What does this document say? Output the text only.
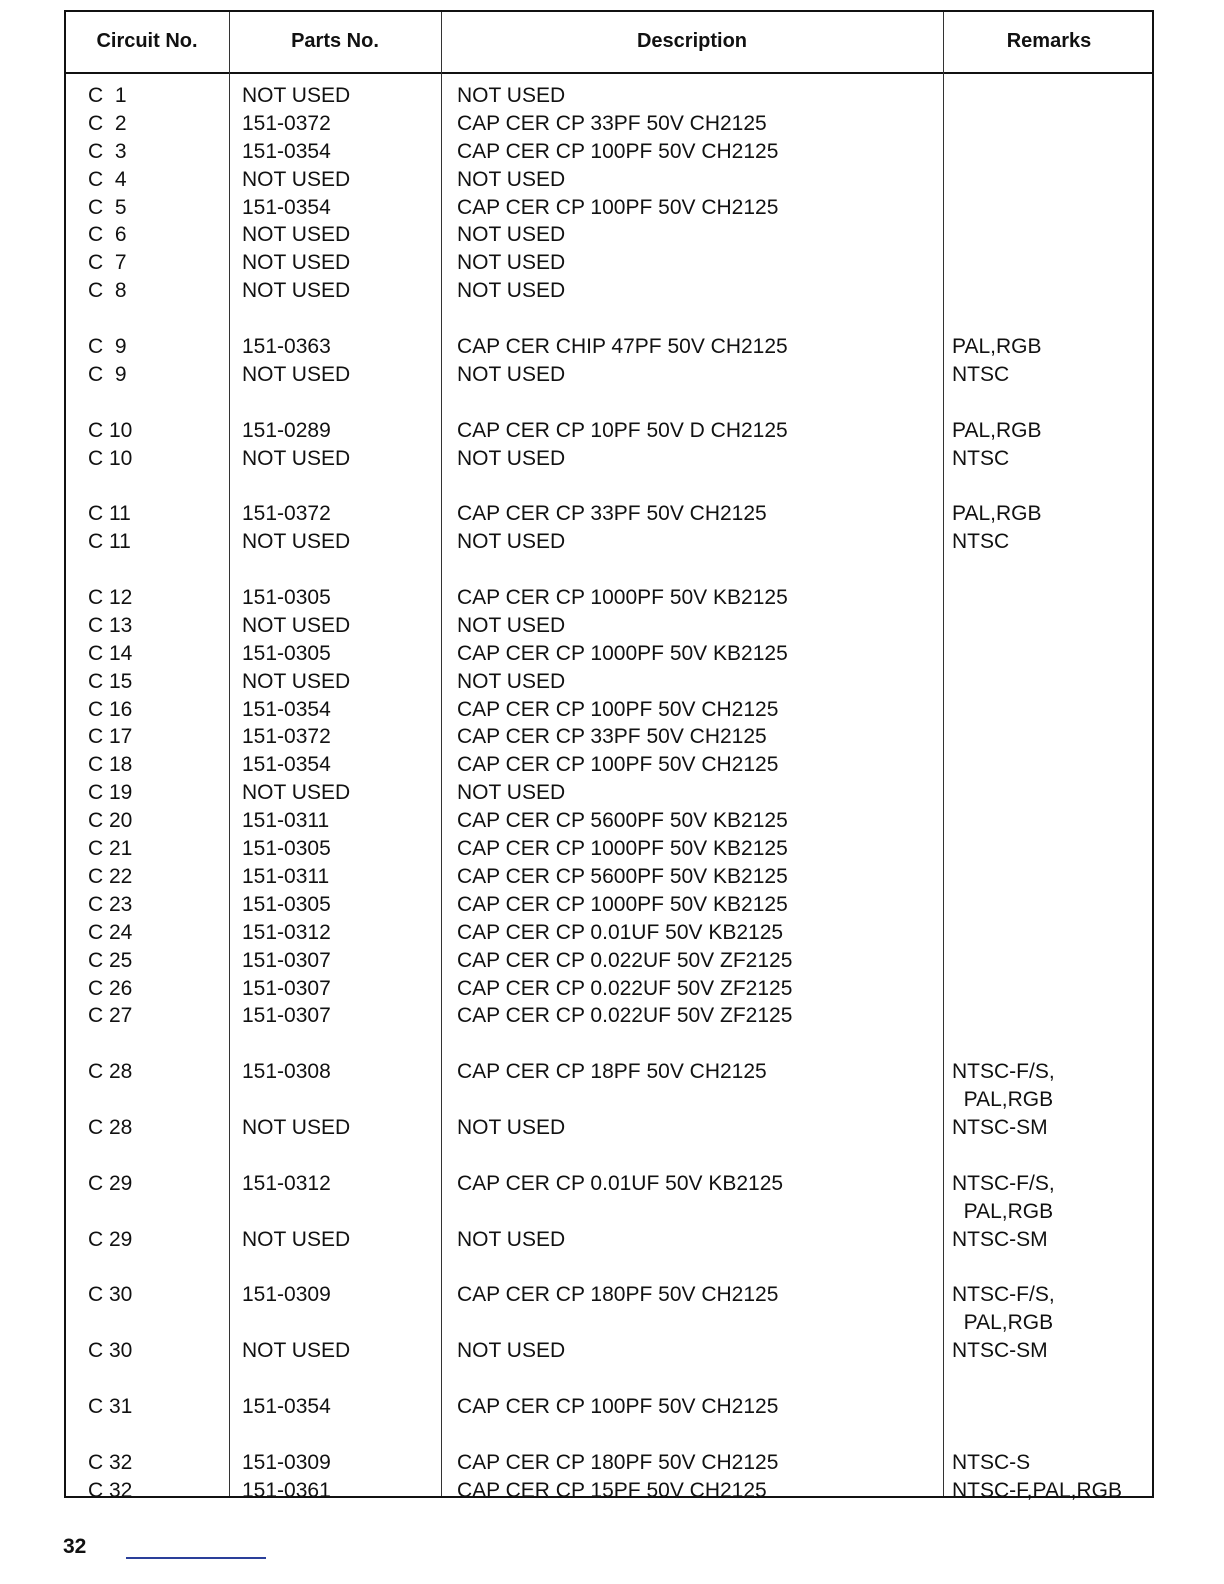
Circuit No.	Parts No.	Description	Remarks
C  1	NOT USED	NOT USED
C  2	151-0372	CAP CER CP 33PF 50V CH2125
C  3	151-0354	CAP CER CP 100PF 50V CH2125
C  4	NOT USED	NOT USED
C  5	151-0354	CAP CER CP 100PF 50V CH2125
C  6	NOT USED	NOT USED
C  7	NOT USED	NOT USED
C  8	NOT USED	NOT USED
C  9	151-0363	CAP CER CHIP 47PF 50V CH2125	PAL,RGB
C  9	NOT USED	NOT USED	NTSC
C 10	151-0289	CAP CER CP 10PF 50V D CH2125	PAL,RGB
C 10	NOT USED	NOT USED	NTSC
C 11	151-0372	CAP CER CP 33PF 50V CH2125	PAL,RGB
C 11	NOT USED	NOT USED	NTSC
C 12	151-0305	CAP CER CP 1000PF 50V KB2125
C 13	NOT USED	NOT USED
C 14	151-0305	CAP CER CP 1000PF 50V KB2125
C 15	NOT USED	NOT USED
C 16	151-0354	CAP CER CP 100PF 50V CH2125
C 17	151-0372	CAP CER CP 33PF 50V CH2125
C 18	151-0354	CAP CER CP 100PF 50V CH2125
C 19	NOT USED	NOT USED
C 20	151-0311	CAP CER CP 5600PF 50V KB2125
C 21	151-0305	CAP CER CP 1000PF 50V KB2125
C 22	151-0311	CAP CER CP 5600PF 50V KB2125
C 23	151-0305	CAP CER CP 1000PF 50V KB2125
C 24	151-0312	CAP CER CP 0.01UF 50V KB2125
C 25	151-0307	CAP CER CP 0.022UF 50V ZF2125
C 26	151-0307	CAP CER CP 0.022UF 50V ZF2125
C 27	151-0307	CAP CER CP 0.022UF 50V ZF2125
C 28	151-0308	CAP CER CP 18PF 50V CH2125	NTSC-F/S,
PAL,RGB
C 28	NOT USED	NOT USED	NTSC-SM
C 29	151-0312	CAP CER CP 0.01UF 50V KB2125	NTSC-F/S,
PAL,RGB
C 29	NOT USED	NOT USED	NTSC-SM
C 30	151-0309	CAP CER CP 180PF 50V CH2125	NTSC-F/S,
PAL,RGB
C 30	NOT USED	NOT USED	NTSC-SM
C 31	151-0354	CAP CER CP 100PF 50V CH2125
C 32	151-0309	CAP CER CP 180PF 50V CH2125	NTSC-S
C 32	151-0361	CAP CER CP 15PF 50V CH2125	NTSC-F,PAL,RGB
32
